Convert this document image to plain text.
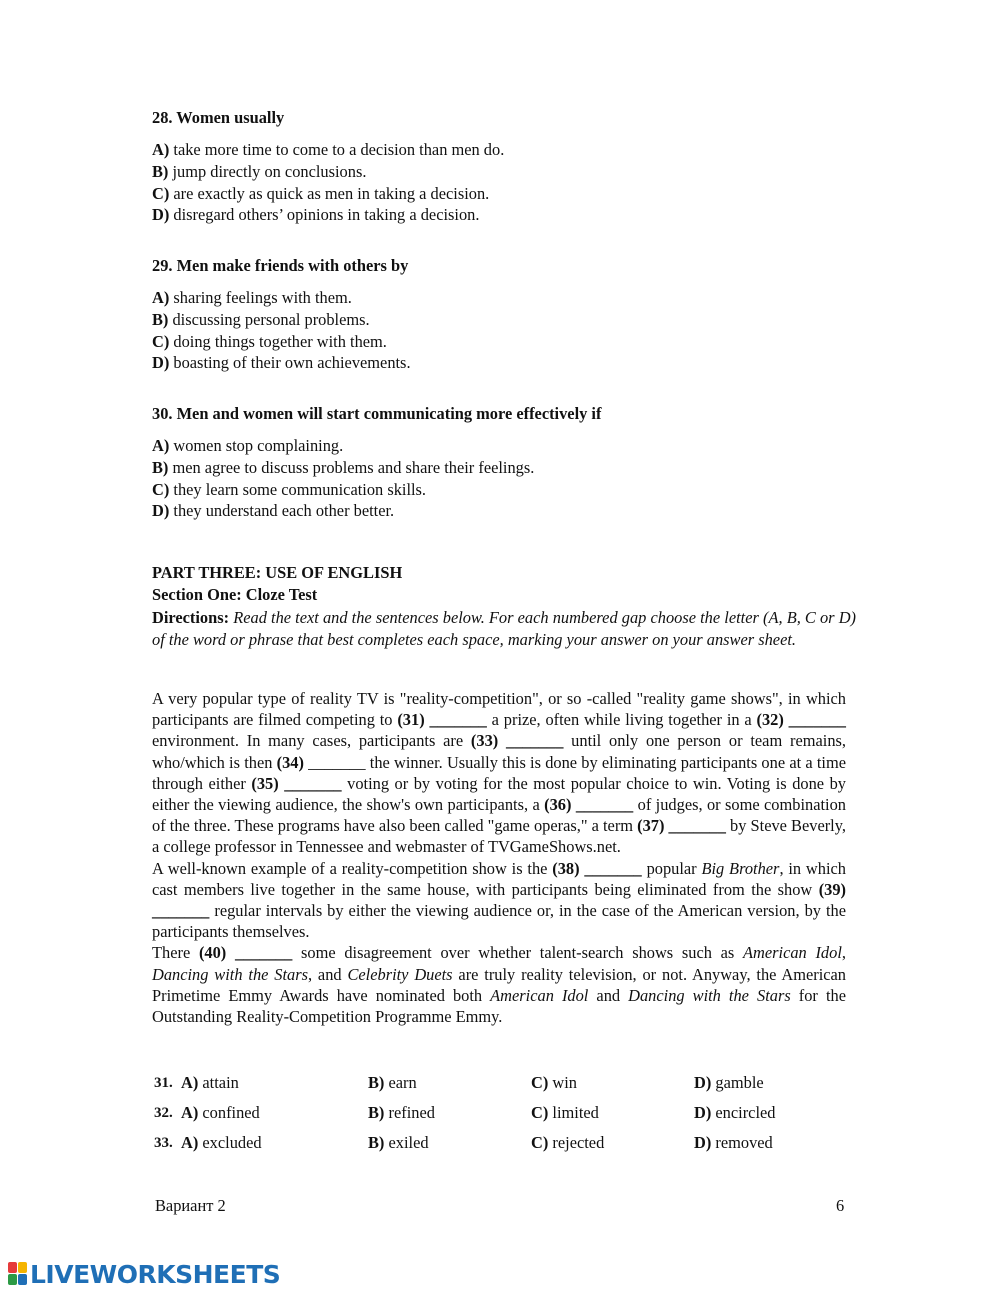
28. Women usually
A) take more time to come to a decision than men do.
B) jump directly on conclusions.
C) are exactly as quick as men in taking a decision.
D) disregard others’ opinions in taking a decision.
29. Men make friends with others by
A) sharing feelings with them.
B) discussing personal problems.
C) doing things together with them.
D) boasting of their own achievements.
30. Men and women will start communicating more effectively if
A) women stop complaining.
B) men agree to discuss problems and share their feelings.
C) they learn some communication skills.
D) they understand each other better.
PART THREE: USE OF ENGLISH
Section One: Cloze Test
Directions: Read the text and the sentences below. For each numbered gap choose the letter (A, B, C or D) of the word or phrase that best completes each space, marking your answer on your answer sheet.

A very popular type of reality TV is "reality-competition", or so -called "reality game shows", in which participants are filmed competing to (31) _______ a prize, often while living together in a (32) _______ environment. In many cases, participants are (33) _______ until only one person or team remains, who/which is then (34) _______ the winner. Usually this is done by eliminating participants one at a time through either (35) _______ voting or by voting for the most popular choice to win. Voting is done by either the viewing audience, the show's own participants, a (36) _______ of judges, or some combination of the three. These programs have also been called "game operas," a term (37) _______ by Steve Beverly, a college professor in Tennessee and webmaster of TVGameShows.net.

A well-known example of a reality-competition show is the (38) _______ popular Big Brother, in which cast members live together in the same house, with participants being eliminated from the show (39) _______ regular intervals by either the viewing audience or, in the case of the American version, by the participants themselves.

There (40) _______ some disagreement over whether talent-search shows such as American Idol, Dancing with the Stars, and Celebrity Duets are truly reality television, or not. Anyway, the American Primetime Emmy Awards have nominated both American Idol and Dancing with the Stars for the Outstanding Reality-Competition Programme Emmy.

31. A) attain	B) earn	C) win	D) gamble
32. A) confined	B) refined	C) limited	D) encircled
33. A) excluded	B) exiled	C) rejected	D) removed
Вариант 2	6
LIVEWORKSHEETS
